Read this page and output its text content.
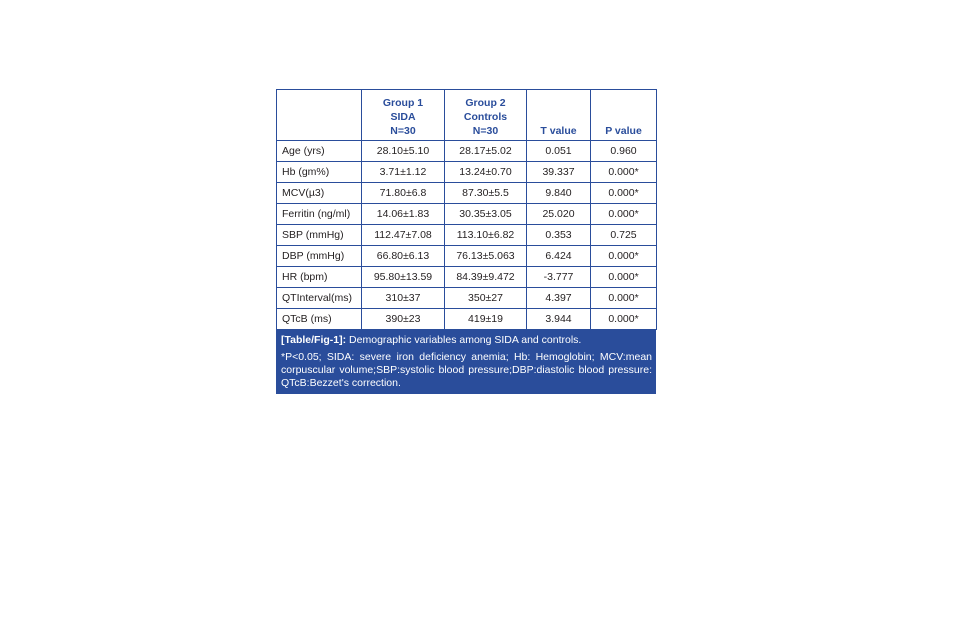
	Group 1
SIDA
N=30	Group 2
Controls
N=30	T value	P value

Age (yrs)	28.10±5.10	28.17±5.02	0.051	0.960
Hb (gm%)	3.71±1.12	13.24±0.70	39.337	0.000*
MCV(µ3)	71.80±6.8	87.30±5.5	9.840	0.000*
Ferritin (ng/ml)	14.06±1.83	30.35±3.05	25.020	0.000*
SBP (mmHg)	112.47±7.08	113.10±6.82	0.353	0.725
DBP (mmHg)	66.80±6.13	76.13±5.063	6.424	0.000*
HR (bpm)	95.80±13.59	84.39±9.472	-3.777	0.000*
QTInterval(ms)	310±37	350±27	4.397	0.000*
QTcB (ms)	390±23	419±19	3.944	0.000*
[Table/Fig-1]: Demographic variables among SIDA and controls.
*P<0.05; SIDA: severe iron deficiency anemia; Hb: Hemoglobin; MCV:mean corpuscular volume;SBP:systolic blood pressure;DBP:diastolic blood pressure: QTcB:Bezzet's correction.
